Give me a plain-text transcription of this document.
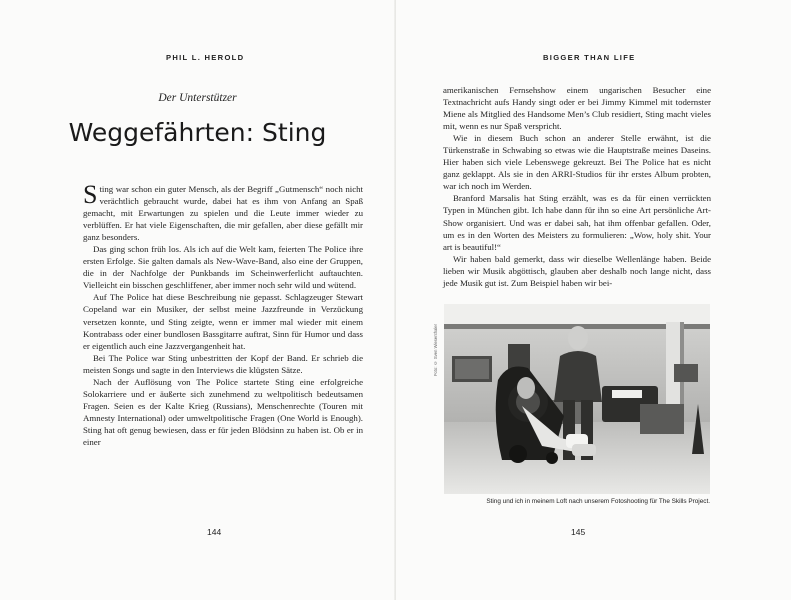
PHIL L. HEROLD
Der Unterstützer
Weggefährten: Sting

Sting war schon ein guter Mensch, als der Begriff „Gutmensch“ noch nicht verächtlich gebraucht wurde, dabei hat es ihm von Anfang an Spaß gemacht, mit Erwartungen zu spielen und die Leute immer wieder zu verblüffen. Er hat viele Eigenschaften, die mir gefallen, aber diese gefällt mir ganz besonders.

Das ging schon früh los. Als ich auf die Welt kam, feierten The Police ihre ersten Erfolge. Sie galten damals als New-Wave-Band, also eine der Gruppen, die in der Nachfolge der Punkbands im Scheinwerferlicht auftauchten. Vielleicht ein bisschen geschliffener, aber immer noch sehr wild und wütend.

Auf The Police hat diese Beschreibung nie gepasst. Schlagzeuger Stewart Copeland war ein Musiker, der selbst meine Jazzfreunde in Verzückung versetzen konnte, und Sting zeigte, wenn er immer mal wieder mit einem Kontrabass oder einer bundlosen Bassgitarre auftrat, Sinn für Humor und dass er eigentlich auch eine Jazzvergangenheit hat.

Bei The Police war Sting unbestritten der Kopf der Band. Er schrieb die meisten Songs und sagte in den Interviews die klügsten Sätze.

Nach der Auflösung von The Police startete Sting eine erfolgreiche Solokarriere und er äußerte sich zunehmend zu weltpolitisch bedeutsamen Fragen. Seien es der Kalte Krieg (Russians), Menschenrechte (Touren mit Amnesty International) oder umweltpolitische Fragen (One World is Enough). Sting hat oft genug bewiesen, dass er für jeden Blödsinn zu haben ist. Ob er in einer

144
BIGGER THAN LIFE

amerikanischen Fernsehshow einem ungarischen Besucher eine Textnachricht aufs Handy singt oder er bei Jimmy Kimmel mit todernster Miene als Mitglied des Handsome Men’s Club residiert, Sting macht vieles mit, wenn es nur Spaß verspricht.

Wie in diesem Buch schon an anderer Stelle erwähnt, ist die Türkenstraße in Schwabing so etwas wie die Hauptstraße meines Daseins. Hier haben sich viele Lebenswege gekreuzt. Bei The Police hat es nicht ganz geklappt. Als sie in den ARRI-Studios für ihr erstes Album probten, war ich noch im Werden.

Branford Marsalis hat Sting erzählt, was es da für einen verrückten Typen in München gibt. Ich habe dann für ihn so eine Art persönliche Art-Show organisiert. Und was er dabei sah, hat ihm offenbar gefallen. Oder, um es in den Worten des Meisters zu formulieren: „Wow, holy shit. Your art is beautiful!“

Wir haben bald gemerkt, dass wir dieselbe Wellenlänge haben. Beide lieben wir Musik abgöttisch, glauben aber deshalb noch lange nicht, dass jede Musik gut ist. Zum Beispiel haben wir bei-

Foto: © Sven Wiesenthaler
Sting und ich in meinem Loft nach unserem Fotoshooting für The Skills Project.
145
